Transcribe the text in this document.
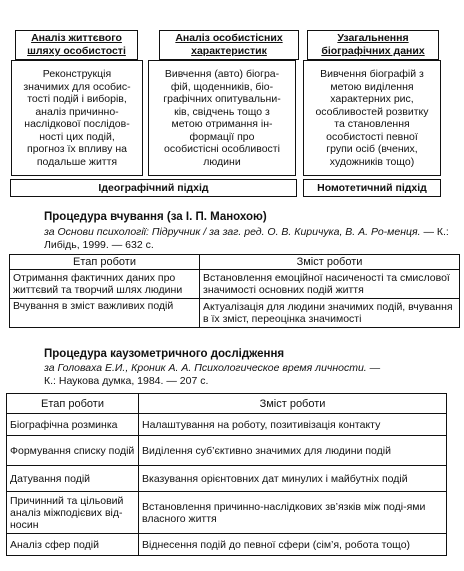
Аналіз життєвого
шляху особистості
Реконструкція
значимих для особис-
тості подій і виборів,
аналіз причинно-
наслідкової послідов-
ності цих подій,
прогноз їх впливу на
подальше життя
Аналіз особистісних
характеристик
Вивчення (авто) біогра-
фій, щоденників, біо-
графічних опитувальни-
ків, свідчень тощо з
метою отримання ін-
формації про
особистісні особливості
людини
Узагальнення
біографічних даних
Вивчення біографій з
метою виділення
характерних рис,
особливостей розвитку
та становлення
особистості певної
групи осіб (вчених,
художників тощо)
Ідеографічний підхід	Номотетичний підхід
Процедура вчування (за І. П. Манохою)
за Основи психології: Підручник / за заг. ред. О. В. Киричука, В. А. Ро-менця. — К.: Либідь, 1999. — 632 с.
Етап роботи	Зміст роботи
Отримання фактичних даних про життєвий та творчий шлях людини	Встановлення емоційної насиченості та смислової значимості основних подій життя
Вчування в зміст важливих подій	Актуалізація для людини значимих подій, вчування в їх зміст, переоцінка значимості
Процедура каузометричного дослідження
за Головаха Е.И., Кроник А. А. Психологическое время личности. —
К.: Наукова думка, 1984. — 207 с.
Етап роботи	Зміст роботи
Біографічна розминка	Налаштування на роботу, позитивізація контакту
Формування списку подій	Виділення суб’єктивно значимих для людини подій
Датування подій	Вказування орієнтовних дат минулих і майбутніх подій
Причинний та цільовий аналіз міжподієвих від-носин	Встановлення причинно-наслідкових зв’язків між поді-ями власного життя
Аналіз сфер подій	Віднесення подій до певної сфери (сім’я, робота тощо)
